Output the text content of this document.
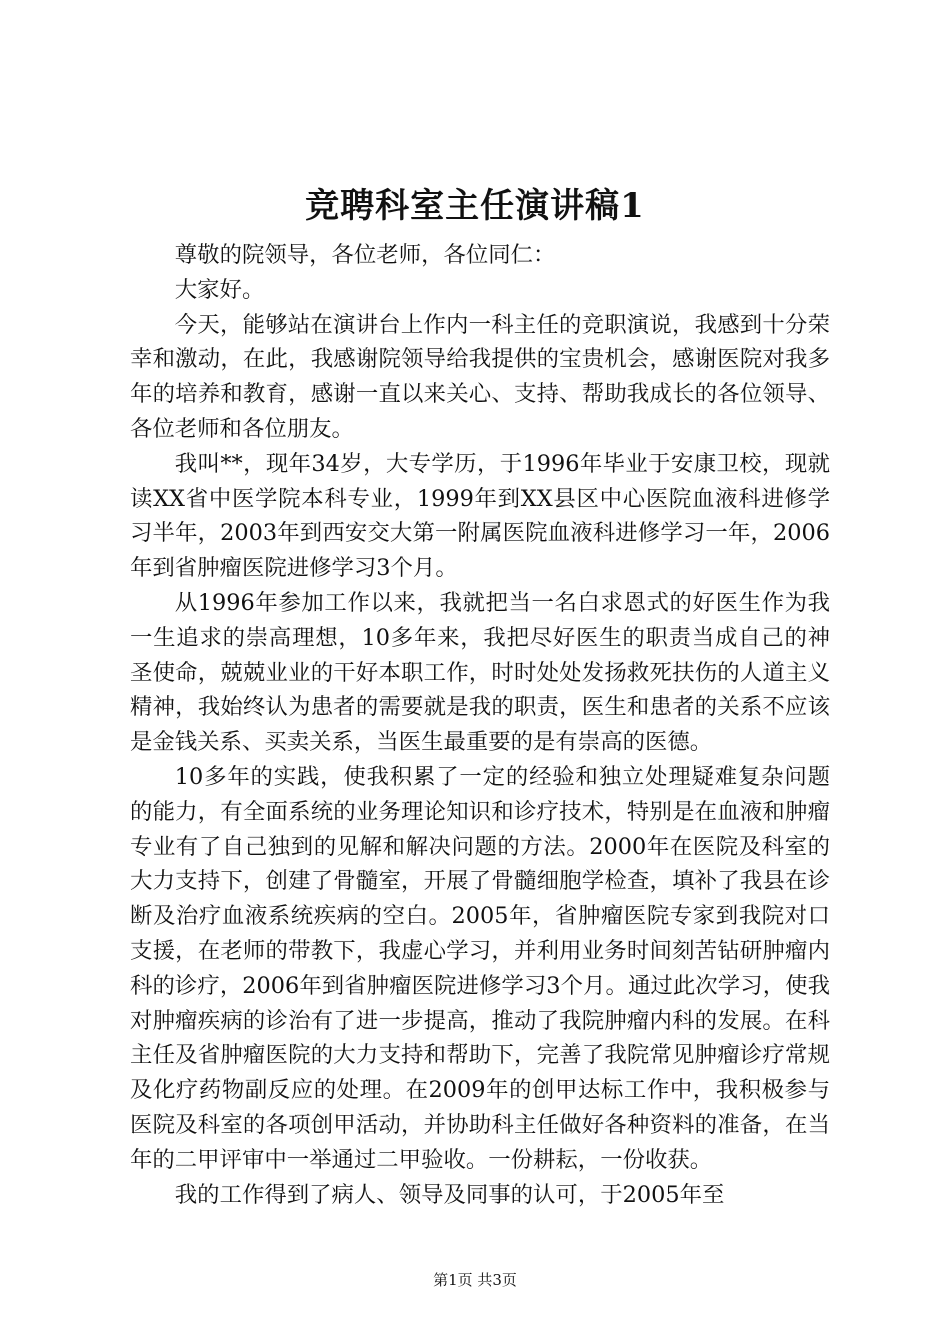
竞聘科室主任演讲稿1

尊敬的院领导，各位老师，各位同仁：

大家好。

今天，能够站在演讲台上作内一科主任的竞职演说，我感到十分荣幸和激动，在此，我感谢院领导给我提供的宝贵机会，感谢医院对我多年的培养和教育，感谢一直以来关心、支持、帮助我成长的各位领导、各位老师和各位朋友。

我叫**，现年34岁，大专学历，于1996年毕业于安康卫校，现就读XX省中医学院本科专业，1999年到XX县区中心医院血液科进修学习半年，2003年到西安交大第一附属医院血液科进修学习一年，2006年到省肿瘤医院进修学习3个月。

从1996年参加工作以来，我就把当一名白求恩式的好医生作为我一生追求的崇高理想，10多年来，我把尽好医生的职责当成自己的神圣使命，兢兢业业的干好本职工作，时时处处发扬救死扶伤的人道主义精神，我始终认为患者的需要就是我的职责，医生和患者的关系不应该是金钱关系、买卖关系，当医生最重要的是有崇高的医德。

10多年的实践，使我积累了一定的经验和独立处理疑难复杂问题的能力，有全面系统的业务理论知识和诊疗技术，特别是在血液和肿瘤专业有了自己独到的见解和解决问题的方法。2000年在医院及科室的大力支持下，创建了骨髓室，开展了骨髓细胞学检查，填补了我县在诊断及治疗血液系统疾病的空白。2005年，省肿瘤医院专家到我院对口支援，在老师的带教下，我虚心学习，并利用业务时间刻苦钻研肿瘤内科的诊疗，2006年到省肿瘤医院进修学习3个月。通过此次学习，使我对肿瘤疾病的诊治有了进一步提高，推动了我院肿瘤内科的发展。在科主任及省肿瘤医院的大力支持和帮助下，完善了我院常见肿瘤诊疗常规及化疗药物副反应的处理。在2009年的创甲达标工作中，我积极参与医院及科室的各项创甲活动，并协助科主任做好各种资料的准备，在当年的二甲评审中一举通过二甲验收。一份耕耘，一份收获。

我的工作得到了病人、领导及同事的认可，于2005年至

第1页 共3页
